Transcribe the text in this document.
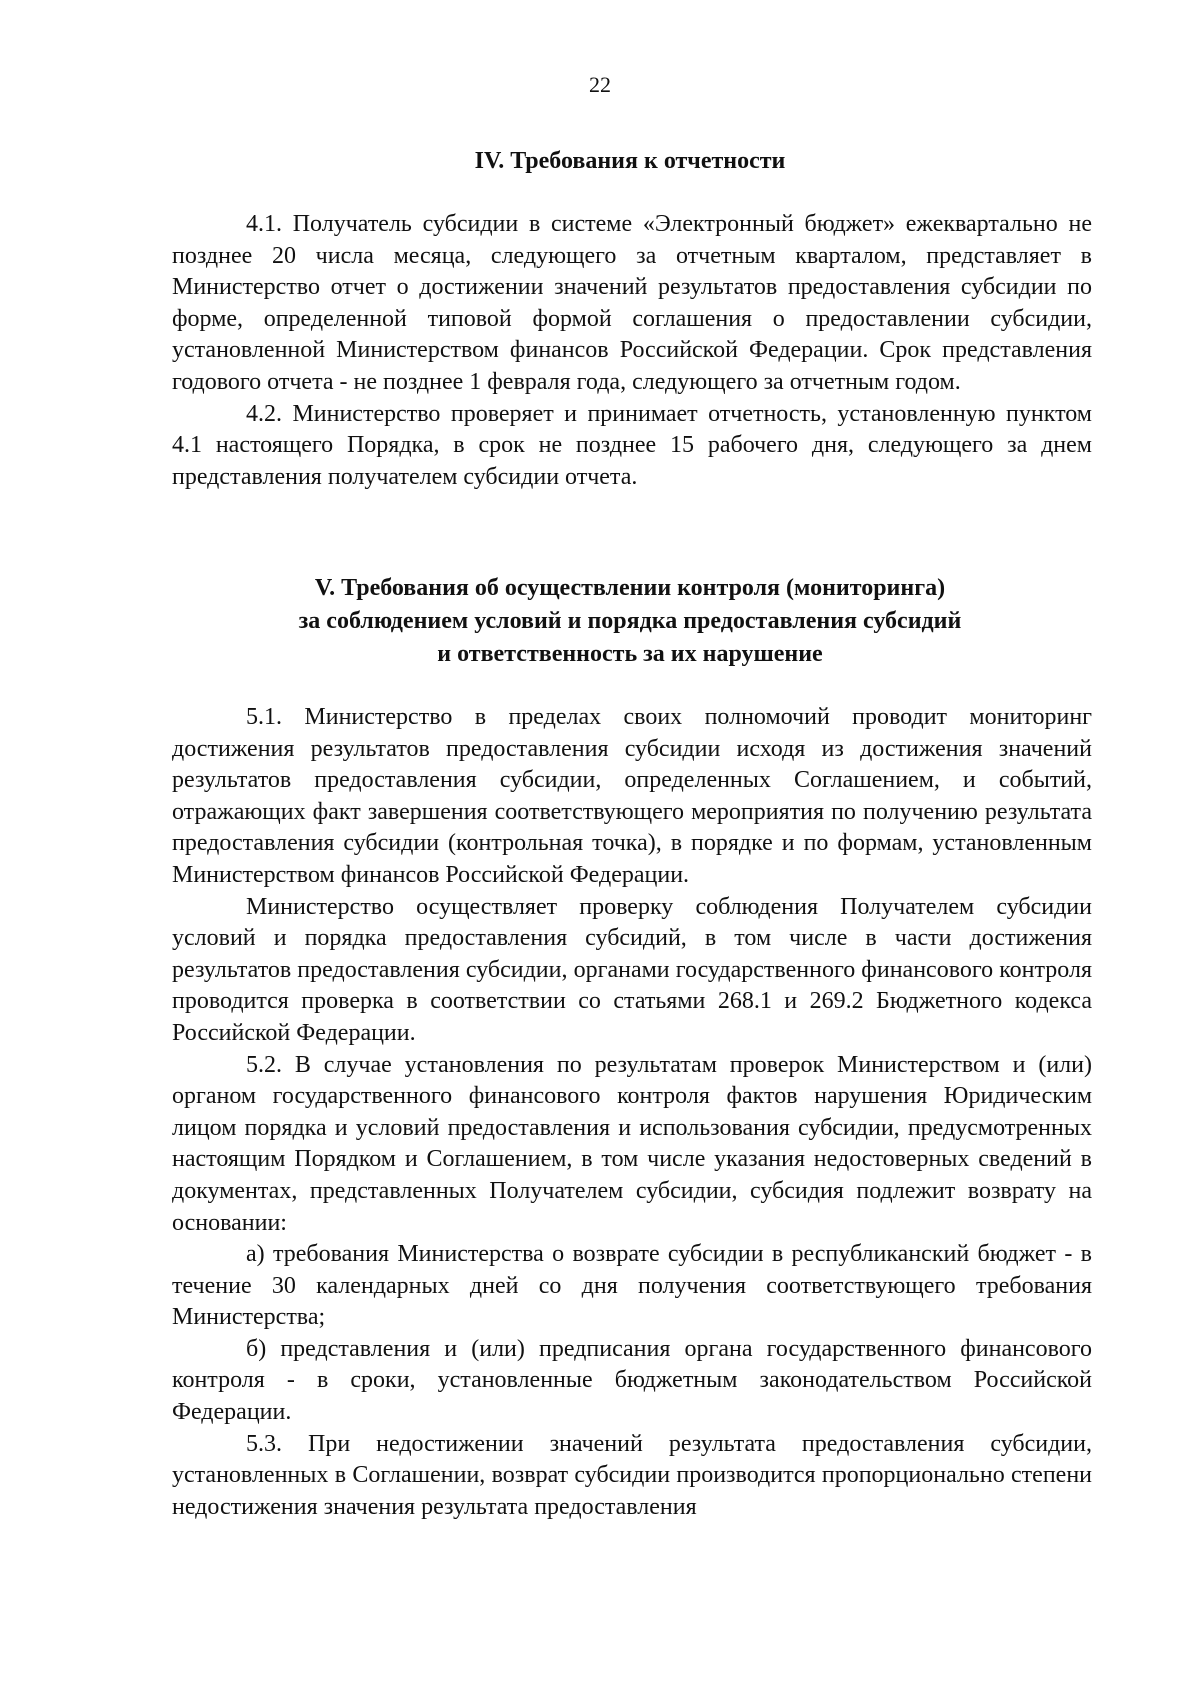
22
IV. Требования к отчетности

4.1. Получатель субсидии в системе «Электронный бюджет» ежеквартально не позднее 20 числа месяца, следующего за отчетным кварталом, представляет в Министерство отчет о достижении значений результатов предоставления субсидии по форме, определенной типовой формой соглашения о предоставлении субсидии, установленной Министерством финансов Российской Федерации. Срок представления годового отчета - не позднее 1 февраля года, следующего за отчетным годом.

4.2. Министерство проверяет и принимает отчетность, установленную пунктом 4.1 настоящего Порядка, в срок не позднее 15 рабочего дня, следующего за днем представления получателем субсидии отчета.

V. Требования об осуществлении контроля (мониторинга)
за соблюдением условий и порядка предоставления субсидий
и ответственность за их нарушение

5.1. Министерство в пределах своих полномочий проводит мониторинг достижения результатов предоставления субсидии исходя из достижения значений результатов предоставления субсидии, определенных Соглашением, и событий, отражающих факт завершения соответствующего мероприятия по получению результата предоставления субсидии (контрольная точка), в порядке и по формам, установленным Министерством финансов Российской Федерации.

Министерство осуществляет проверку соблюдения Получателем субсидии условий и порядка предоставления субсидий, в том числе в части достижения результатов предоставления субсидии, органами государственного финансового контроля проводится проверка в соответствии со статьями 268.1 и 269.2 Бюджетного кодекса Российской Федерации.

5.2. В случае установления по результатам проверок Министерством и (или) органом государственного финансового контроля фактов нарушения Юридическим лицом порядка и условий предоставления и использования субсидии, предусмотренных настоящим Порядком и Соглашением, в том числе указания недостоверных сведений в документах, представленных Получателем субсидии, субсидия подлежит возврату на основании:

а) требования Министерства о возврате субсидии в республиканский бюджет - в течение 30 календарных дней со дня получения соответствующего требования Министерства;

б) представления и (или) предписания органа государственного финансового контроля - в сроки, установленные бюджетным законодательством Российской Федерации.

5.3. При недостижении значений результата предоставления субсидии, установленных в Соглашении, возврат субсидии производится пропорционально степени недостижения значения результата предоставления
